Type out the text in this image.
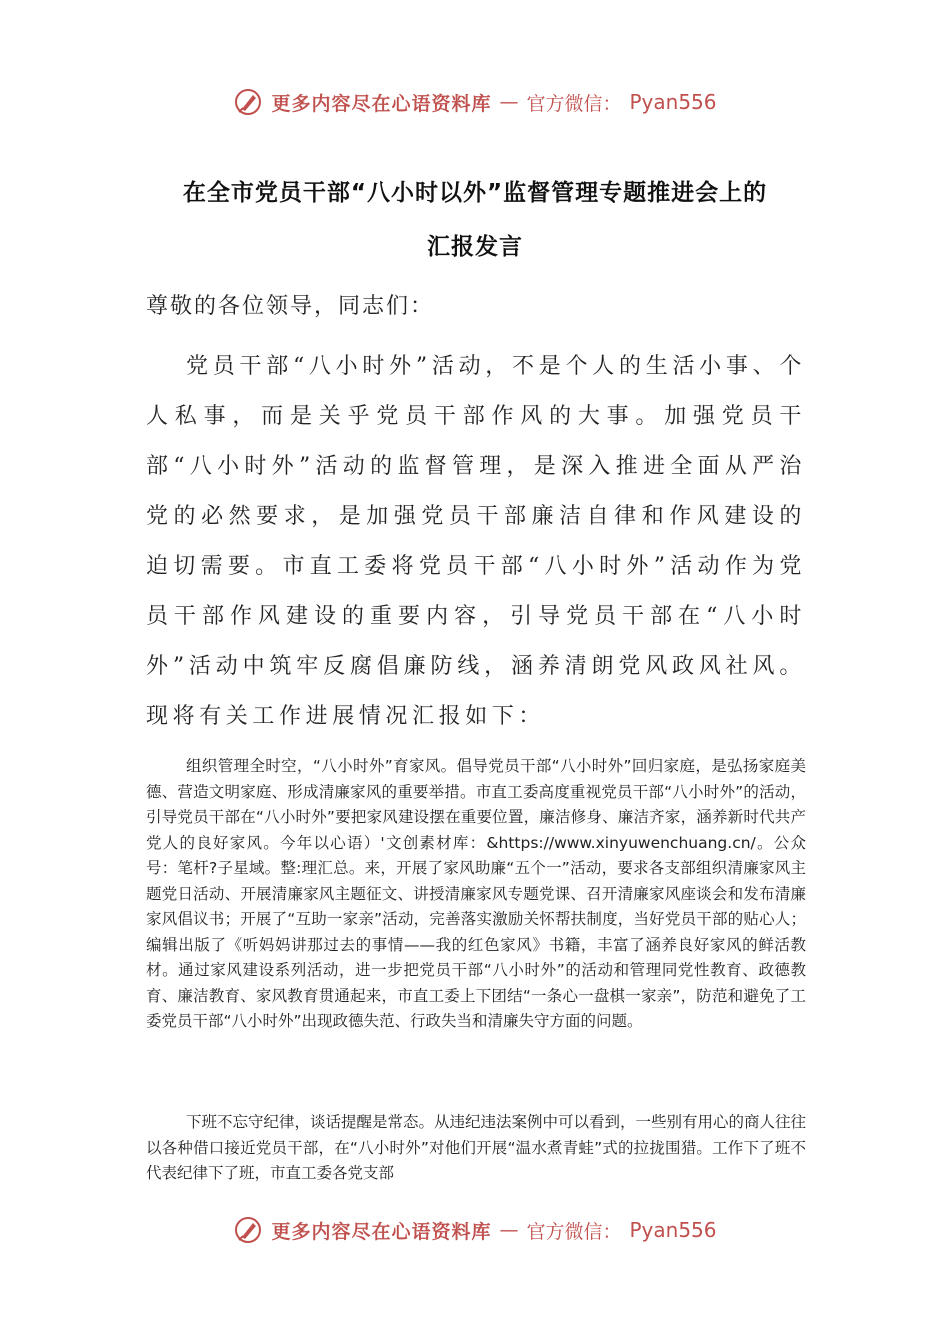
更多内容尽在心语资料库 — 官方微信： Pyan556
在全市党员干部“八小时以外”监督管理专题推进会上的
汇报发言
尊敬的各位领导，同志们：

党员干部“八小时外”活动，不是个人的生活小事、个人私事，而是关乎党员干部作风的大事。加强党员干部“八小时外”活动的监督管理，是深入推进全面从严治党的必然要求，是加强党员干部廉洁自律和作风建设的迫切需要。市直工委将党员干部“八小时外”活动作为党员干部作风建设的重要内容，引导党员干部在“八小时外”活动中筑牢反腐倡廉防线，涵养清朗党风政风社风。现将有关工作进展情况汇报如下：

组织管理全时空，“八小时外”育家风。倡导党员干部“八小时外”回归家庭，是弘扬家庭美德、营造文明家庭、形成清廉家风的重要举措。市直工委高度重视党员干部“八小时外”的活动，引导党员干部在“八小时外”要把家风建设摆在重要位置，廉洁修身、廉洁齐家，涵养新时代共产党人的良好家风。今年以心语）'文创素材库：&https://www.xinyuwenchuang.cn/。公众号：笔杆?子星域。整:理汇总。来，开展了家风助廉“五个一”活动，要求各支部组织清廉家风主题党日活动、开展清廉家风主题征文、讲授清廉家风专题党课、召开清廉家风座谈会和发布清廉家风倡议书；开展了“互助一家亲”活动，完善落实激励关怀帮扶制度，当好党员干部的贴心人；编辑出版了《听妈妈讲那过去的事情——我的红色家风》书籍，丰富了涵养良好家风的鲜活教材。通过家风建设系列活动，进一步把党员干部“八小时外”的活动和管理同党性教育、政德教育、廉洁教育、家风教育贯通起来，市直工委上下团结“一条心一盘棋一家亲”，防范和避免了工委党员干部“八小时外”出现政德失范、行政失当和清廉失守方面的问题。

下班不忘守纪律，谈话提醒是常态。从违纪违法案例中可以看到，一些别有用心的商人往往以各种借口接近党员干部，在“八小时外”对他们开展“温水煮青蛙”式的拉拢围猎。工作下了班不代表纪律下了班，市直工委各党支部

更多内容尽在心语资料库 — 官方微信： Pyan556
